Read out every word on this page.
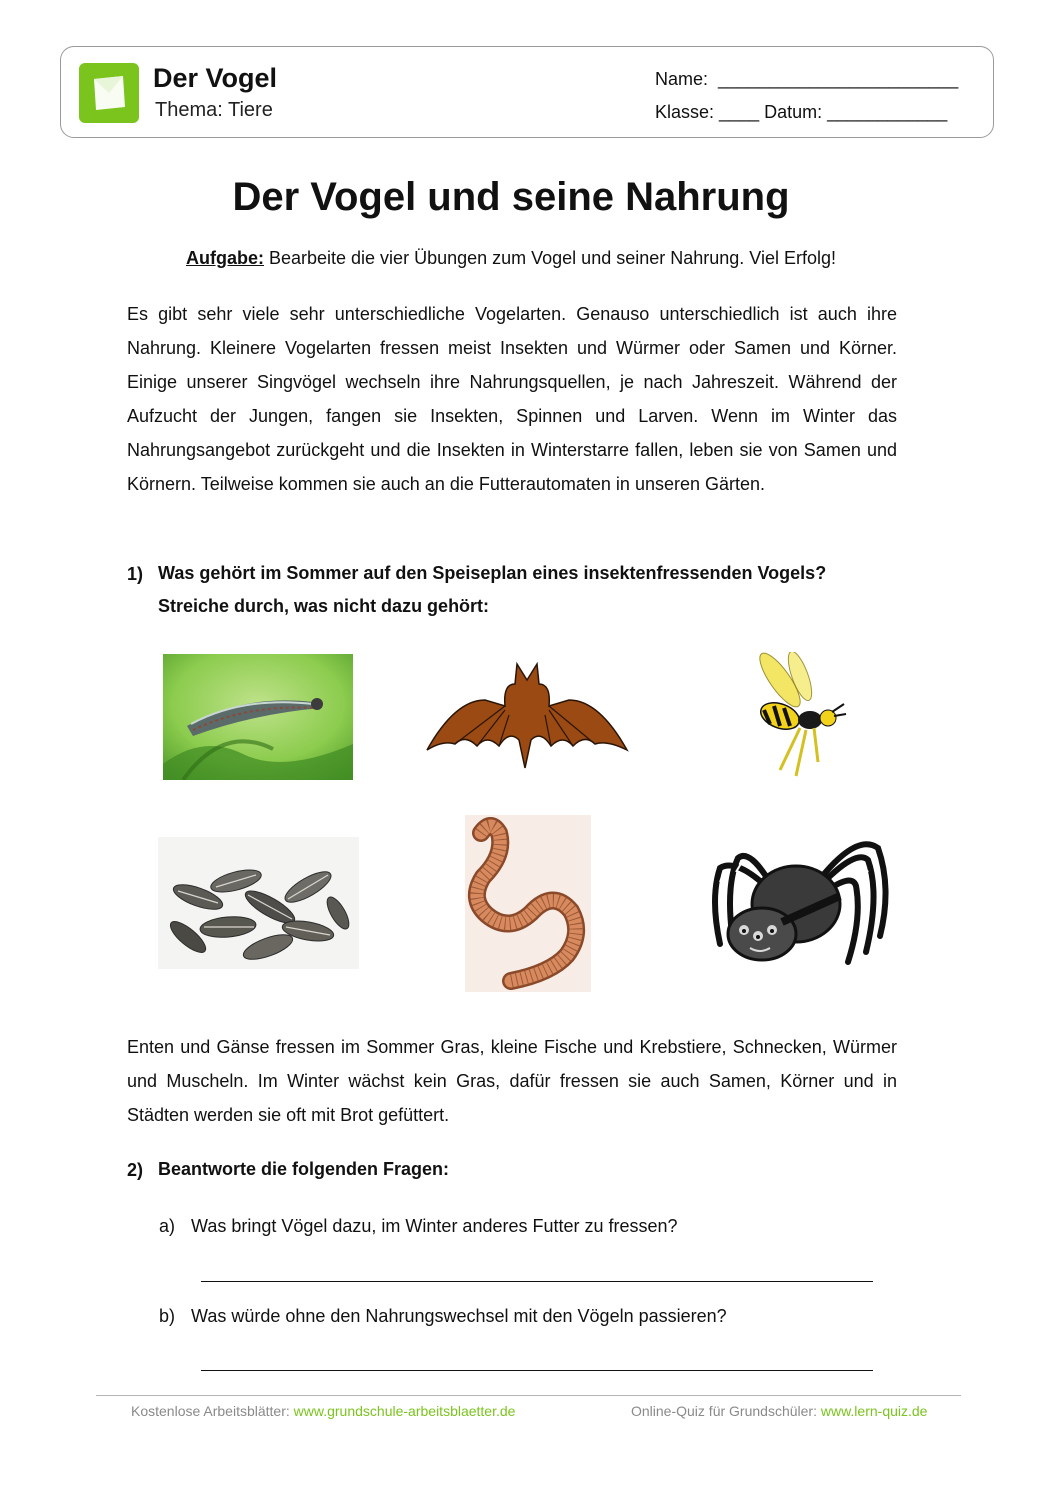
Der Vogel
Thema: Tiere
Name: ________________________
Klasse: ____ Datum: ____________
Der Vogel und seine Nahrung
Aufgabe: Bearbeite die vier Übungen zum Vogel und seiner Nahrung. Viel Erfolg!

Es gibt sehr viele sehr unterschiedliche Vogelarten. Genauso unterschiedlich ist auch ihre Nahrung. Kleinere Vogelarten fressen meist Insekten und Würmer oder Samen und Körner. Einige unserer Singvögel wechseln ihre Nahrungsquellen, je nach Jahreszeit. Während der Aufzucht der Jungen, fangen sie Insekten, Spinnen und Larven. Wenn im Winter das Nahrungsangebot zurückgeht und die Insekten in Winterstarre fallen, leben sie von Samen und Körnern. Teilweise kommen sie auch an die Futterautomaten in unseren Gärten.

1) Was gehört im Sommer auf den Speiseplan eines insektenfressenden Vogels? Streiche durch, was nicht dazu gehört:

Enten und Gänse fressen im Sommer Gras, kleine Fische und Krebstiere, Schnecken, Würmer und Muscheln. Im Winter wächst kein Gras, dafür fressen sie auch Samen, Körner und in Städten werden sie oft mit Brot gefüttert.

2) Beantworte die folgenden Fragen:
a) Was bringt Vögel dazu, im Winter anderes Futter zu fressen?
b) Was würde ohne den Nahrungswechsel mit den Vögeln passieren?
Kostenlose Arbeitsblätter: www.grundschule-arbeitsblaetter.de	Online-Quiz für Grundschüler: www.lern-quiz.de
